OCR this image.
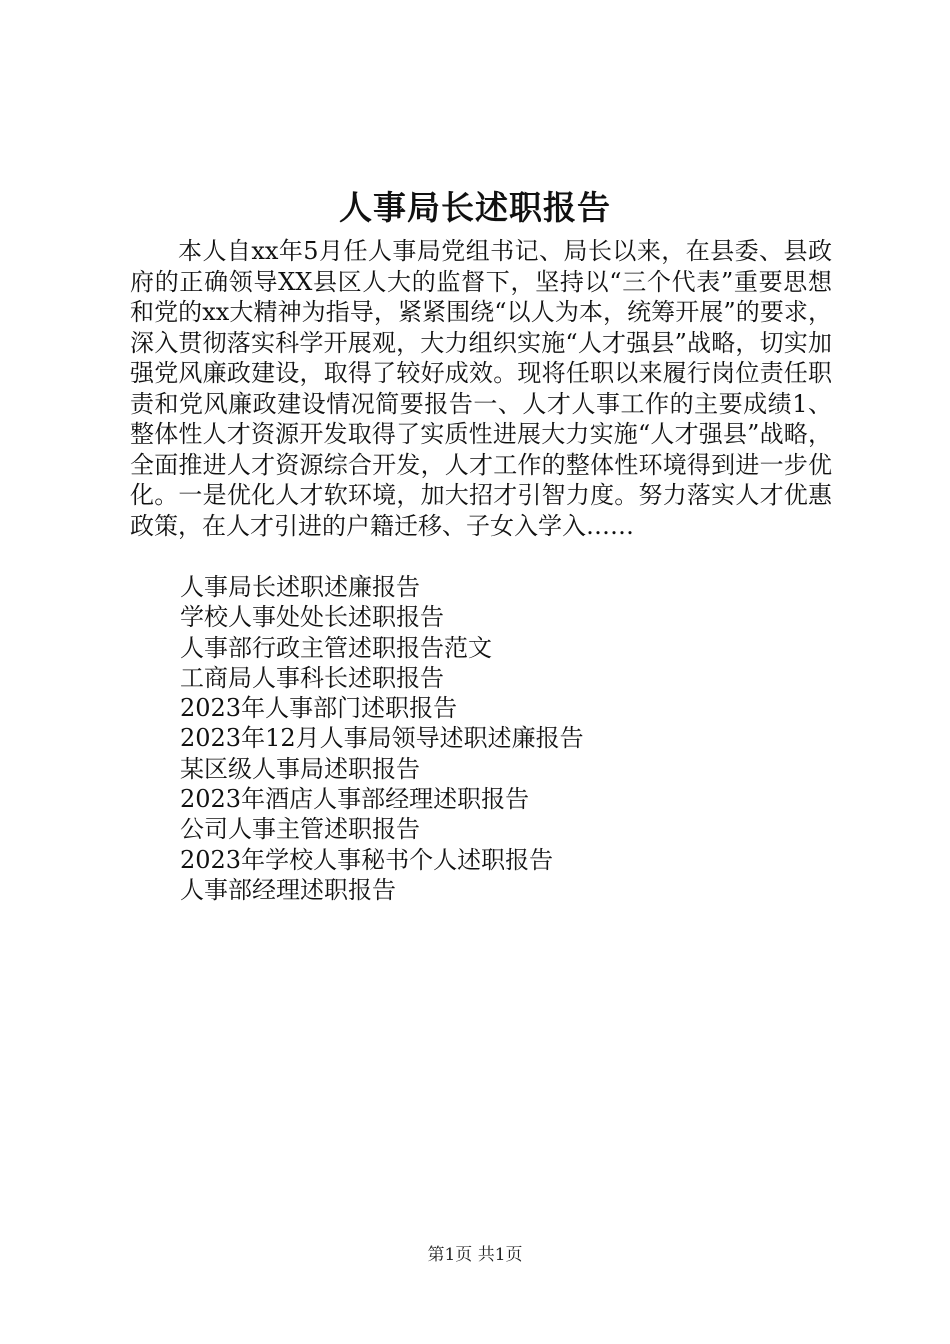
人事局长述职报告

本人自xx年5月任人事局党组书记、局长以来，在县委、县政府的正确领导XX县区人大的监督下，坚持以“三个代表”重要思想和党的xx大精神为指导，紧紧围绕“以人为本，统筹开展”的要求，深入贯彻落实科学开展观，大力组织实施“人才强县”战略，切实加强党风廉政建设，取得了较好成效。现将任职以来履行岗位责任职责和党风廉政建设情况简要报告一、人才人事工作的主要成绩1、整体性人才资源开发取得了实质性进展大力实施“人才强县”战略，全面推进人才资源综合开发，人才工作的整体性环境得到进一步优化。一是优化人才软环境，加大招才引智力度。努力落实人才优惠政策，在人才引进的户籍迁移、子女入学入……

人事局长述职述廉报告
学校人事处处长述职报告
人事部行政主管述职报告范文
工商局人事科长述职报告
2023年人事部门述职报告
2023年12月人事局领导述职述廉报告
某区级人事局述职报告
2023年酒店人事部经理述职报告
公司人事主管述职报告
2023年学校人事秘书个人述职报告
人事部经理述职报告
第1页 共1页
